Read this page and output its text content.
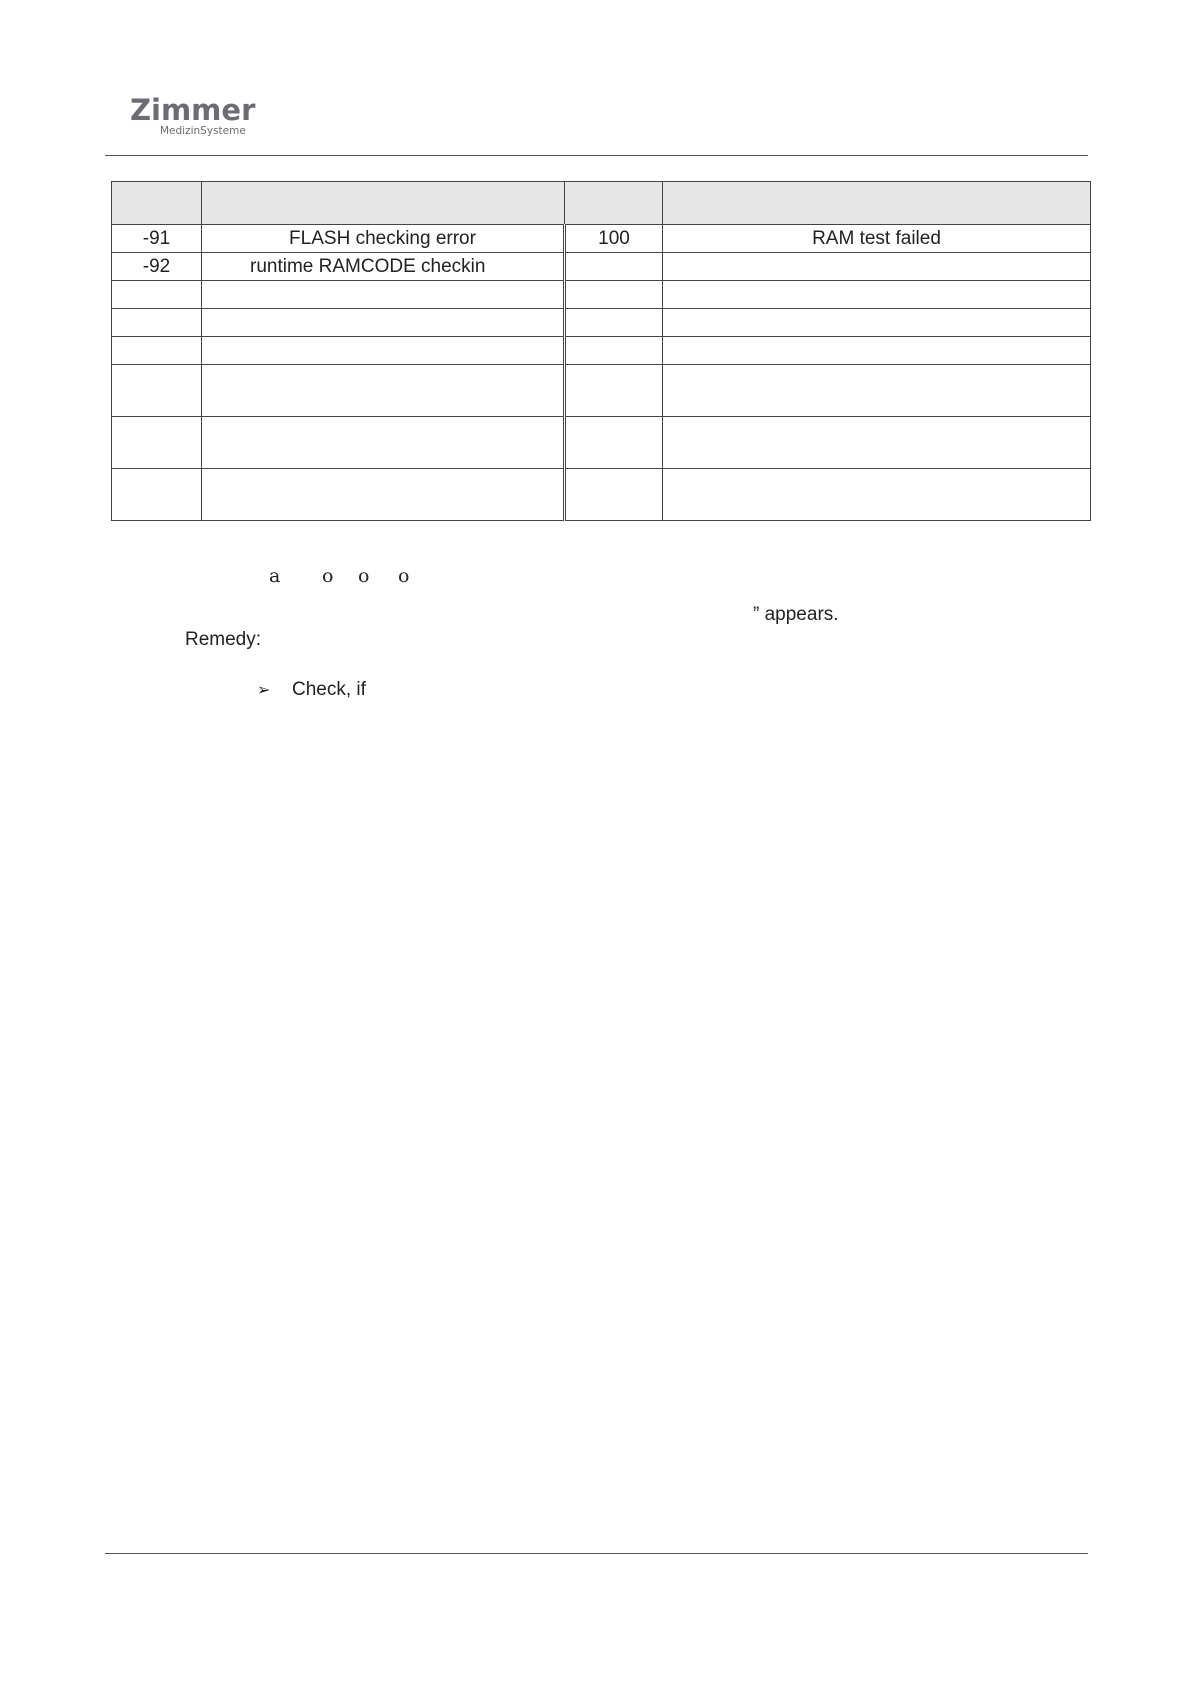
Zimmer
MedizinSysteme

-91	FLASH checking error	100	RAM test failed
-92	runtime RAMCODE checkin		

a o o o
” appears.
Remedy:
➢ Check, if
